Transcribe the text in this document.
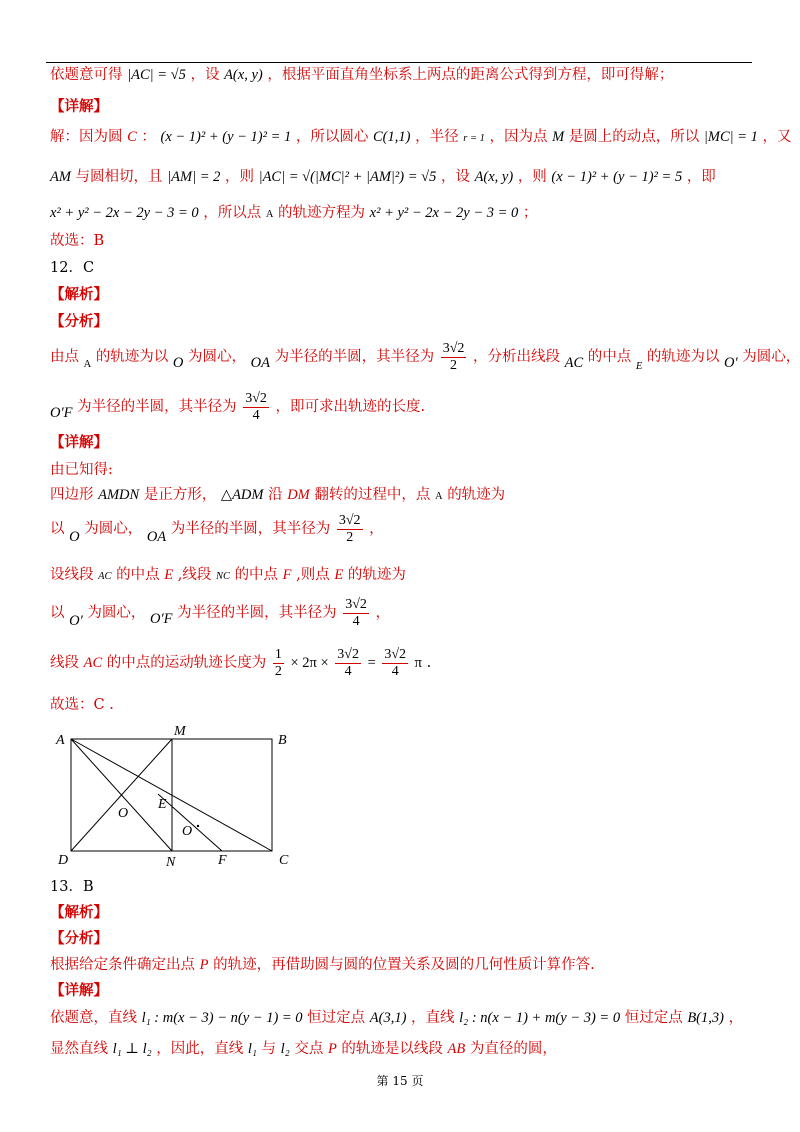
依题意可得 |AC| = √5 ，设 A(x, y) ，根据平面直角坐标系上两点的距离公式得到方程，即可得解；
【详解】
解：因为圆 C ： (x − 1)² + (y − 1)² = 1 ，所以圆心 C(1,1) ，半径 r = 1 ，因为点 M 是圆上的动点，所以 |MC| = 1 ，又
AM 与圆相切，且 |AM| = 2 ，则 |AC| = √(|MC|² + |AM|²) = √5 ，设 A(x, y) ，则 (x − 1)² + (y − 1)² = 5 ，即
x² + y² − 2x − 2y − 3 = 0 ，所以点 A 的轨迹方程为 x² + y² − 2x − 2y − 3 = 0 ；
故选：B
12．C
【解析】
【分析】
由点 $_A$ 的轨迹为以 O 为圆心， OA 为半径的半圆，其半径为 $\frac{3√2}{2}$ ，分析出线段 AC 的中点 $_E$ 的轨迹为以 O′ 为圆心，
O′F 为半径的半圆，其半径为 $\frac{3√2}{4}$ ，即可求出轨迹的长度.
【详解】
由已知得:
四边形 AMDN 是正方形， △ADM 沿 DM 翻转的过程中，点 A 的轨迹为
以 O 为圆心， OA 为半径的半圆，其半径为 $\frac{3√2}{2}$ ，
设线段 AC 的中点 E ,线段 NC 的中点 F ,则点 E 的轨迹为
以 O′ 为圆心， O′F 为半径的半圆，其半径为 $\frac{3√2}{4}$ ，
线段 AC 的中点的运动轨迹长度为 $\frac{1}{2} \times 2\pi \times \frac{3√2}{4} = \frac{3√2}{4}$ π .
故选：C .
A
M
B
D	N	F	C
O
E
O
13．B
【解析】
【分析】
根据给定条件确定出点 P 的轨迹，再借助圆与圆的位置关系及圆的几何性质计算作答.
【详解】
依题意，直线 l₁ : m(x − 3) − n(y − 1) = 0 恒过定点 A(3,1) ，直线 l₂ : n(x − 1) + m(y − 3) = 0 恒过定点 B(1,3) ，
显然直线 l₁ ⊥ l₂ ，因此，直线 l₁ 与 l₂ 交点 P 的轨迹是以线段 AB 为直径的圆，
第 15 页
